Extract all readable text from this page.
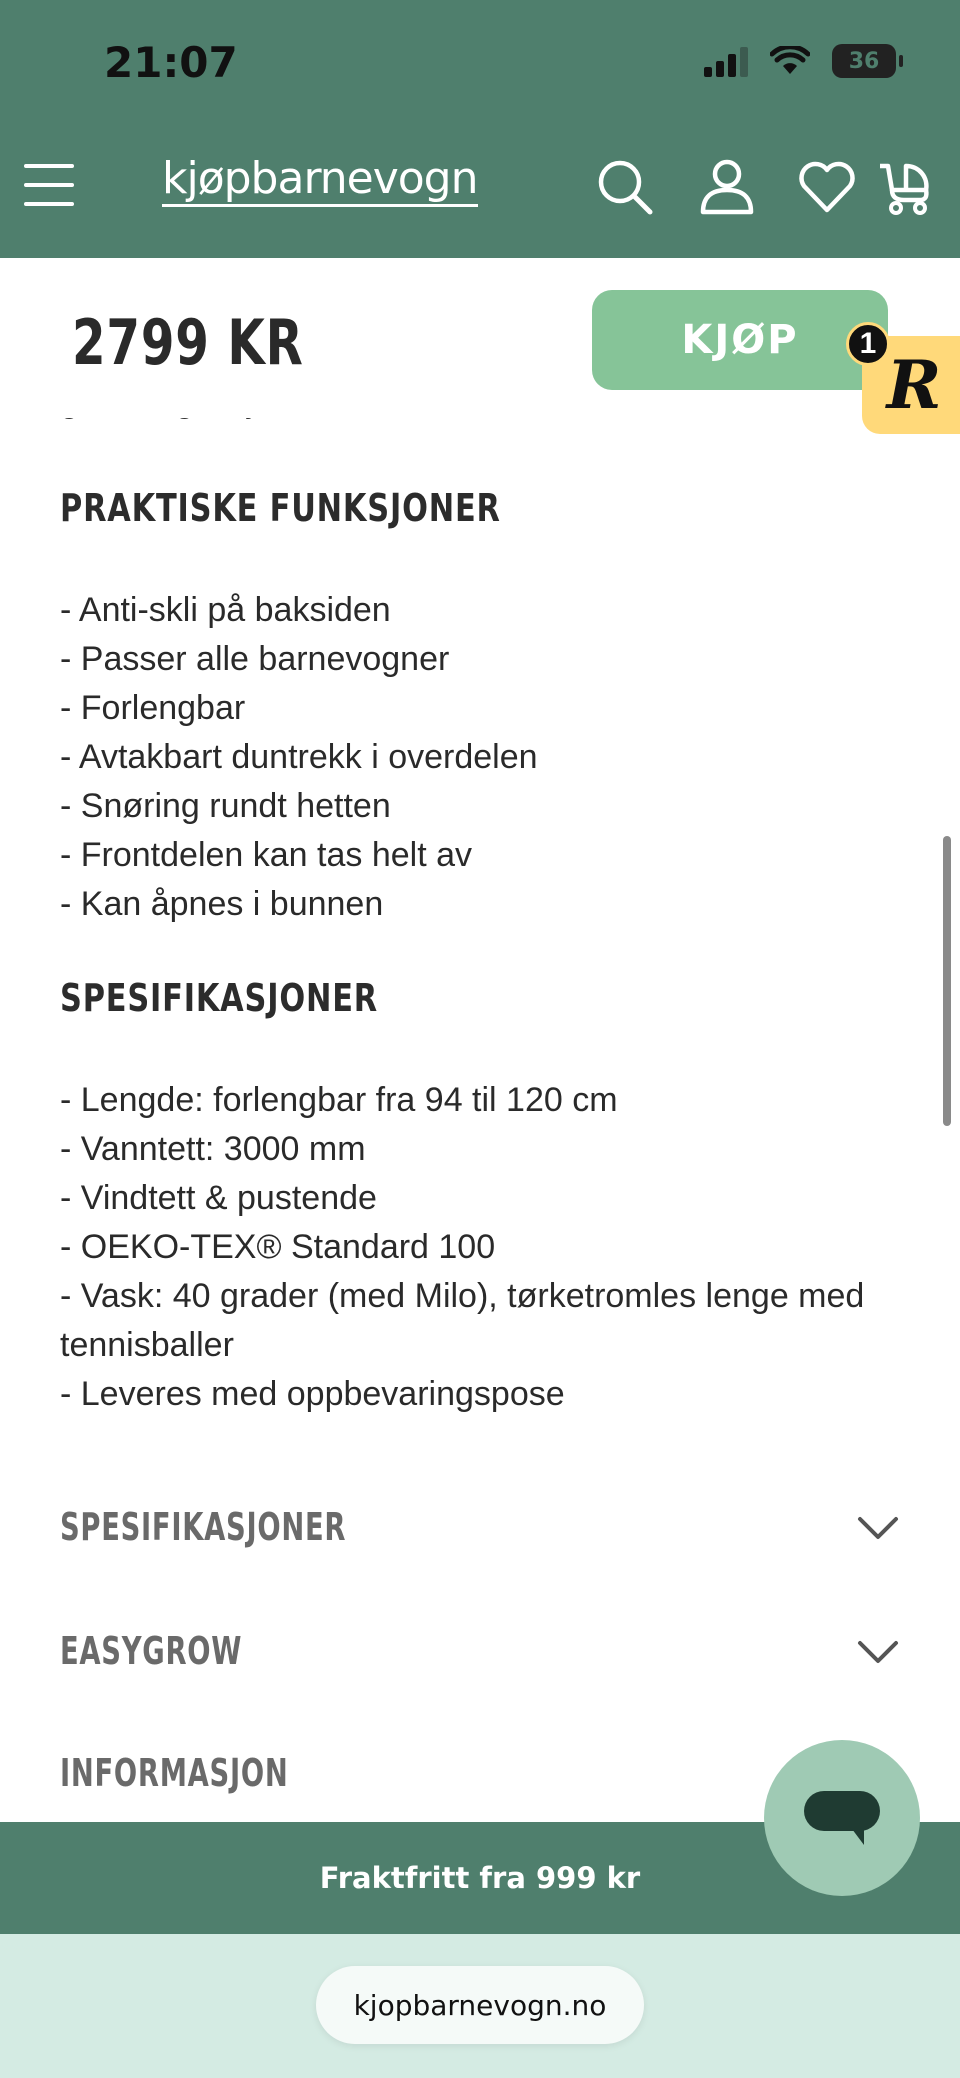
21:07	36
kjøpbarnevogn
2799 KR	KJØP
R
1
PRAKTISKE FUNKSJONER
- Anti-skli på baksiden
- Passer alle barnevogner
- Forlengbar
- Avtakbart duntrekk i overdelen
- Snøring rundt hetten
- Frontdelen kan tas helt av
- Kan åpnes i bunnen
SPESIFIKASJONER
- Lengde: forlengbar fra 94 til 120 cm
- Vanntett: 3000 mm
- Vindtett & pustende
- OEKO-TEX® Standard 100
- Vask: 40 grader (med Milo), tørketromles lenge med tennisballer
- Leveres med oppbevaringspose
SPESIFIKASJONER
EASYGROW
INFORMASJON
Fraktfritt fra 999 kr
kjopbarnevogn.no
